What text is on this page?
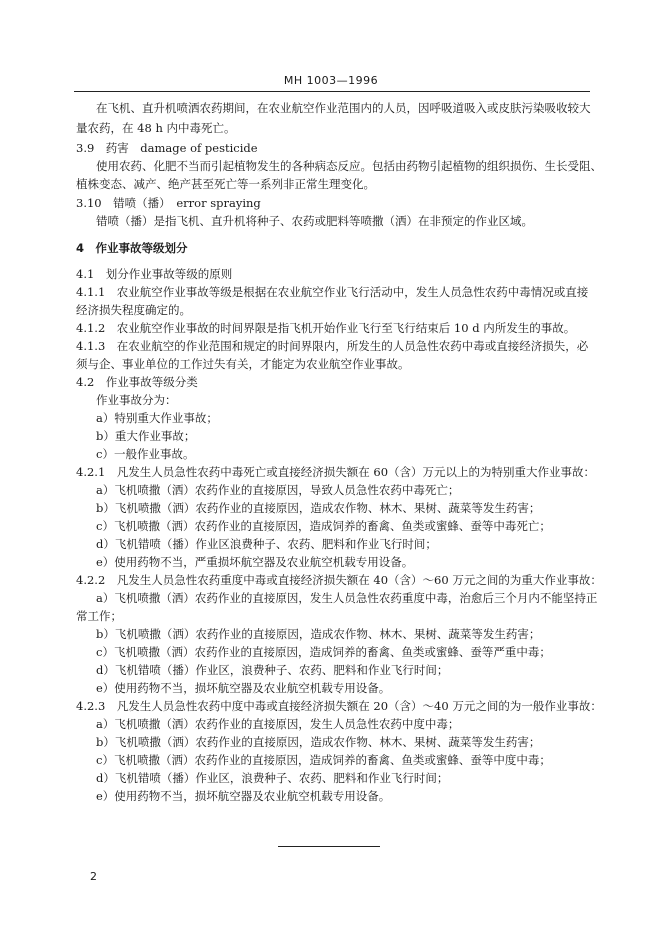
MH 1003—1996
在飞机、直升机喷洒农药期间，在农业航空作业范围内的人员，因呼吸道吸入或皮肤污染吸收较大
量农药，在 48 h 内中毒死亡。
3.9　药害　damage of pesticide
使用农药、化肥不当而引起植物发生的各种病态反应。包括由药物引起植物的组织损伤、生长受阻、
植株变态、减产、绝产甚至死亡等一系列非正常生理变化。
3.10　错喷（播）　error spraying
错喷（播）是指飞机、直升机将种子、农药或肥料等喷撒（洒）在非预定的作业区域。
4　作业事故等级划分
4.1　划分作业事故等级的原则
4.1.1　农业航空作业事故等级是根据在农业航空作业飞行活动中，发生人员急性农药中毒情况或直接
经济损失程度确定的。
4.1.2　农业航空作业事故的时间界限是指飞机开始作业飞行至飞行结束后 10 d 内所发生的事故。
4.1.3　在农业航空的作业范围和规定的时间界限内，所发生的人员急性农药中毒或直接经济损失，必
须与企、事业单位的工作过失有关，才能定为农业航空作业事故。
4.2　作业事故等级分类
作业事故分为：
a）特别重大作业事故；
b）重大作业事故；
c）一般作业事故。
4.2.1　凡发生人员急性农药中毒死亡或直接经济损失额在 60（含）万元以上的为特别重大作业事故：
a）飞机喷撒（洒）农药作业的直接原因，导致人员急性农药中毒死亡；
b）飞机喷撒（洒）农药作业的直接原因，造成农作物、林木、果树、蔬菜等发生药害；
c）飞机喷撒（洒）农药作业的直接原因，造成饲养的畜禽、鱼类或蜜蜂、蚕等中毒死亡；
d）飞机错喷（播）作业区浪费种子、农药、肥料和作业飞行时间；
e）使用药物不当，严重损坏航空器及农业航空机载专用设备。
4.2.2　凡发生人员急性农药重度中毒或直接经济损失额在 40（含）～60 万元之间的为重大作业事故：
a）飞机喷撒（洒）农药作业的直接原因，发生人员急性农药重度中毒，治愈后三个月内不能坚持正
常工作；
b）飞机喷撒（洒）农药作业的直接原因，造成农作物、林木、果树、蔬菜等发生药害；
c）飞机喷撒（洒）农药作业的直接原因，造成饲养的畜禽、鱼类或蜜蜂、蚕等严重中毒；
d）飞机错喷（播）作业区，浪费种子、农药、肥料和作业飞行时间；
e）使用药物不当，损坏航空器及农业航空机载专用设备。
4.2.3　凡发生人员急性农药中度中毒或直接经济损失额在 20（含）～40 万元之间的为一般作业事故：
a）飞机喷撒（洒）农药作业的直接原因，发生人员急性农药中度中毒；
b）飞机喷撒（洒）农药作业的直接原因，造成农作物、林木、果树、蔬菜等发生药害；
c）飞机喷撒（洒）农药作业的直接原因，造成饲养的畜禽、鱼类或蜜蜂、蚕等中度中毒；
d）飞机错喷（播）作业区，浪费种子、农药、肥料和作业飞行时间；
e）使用药物不当，损坏航空器及农业航空机载专用设备。
2
